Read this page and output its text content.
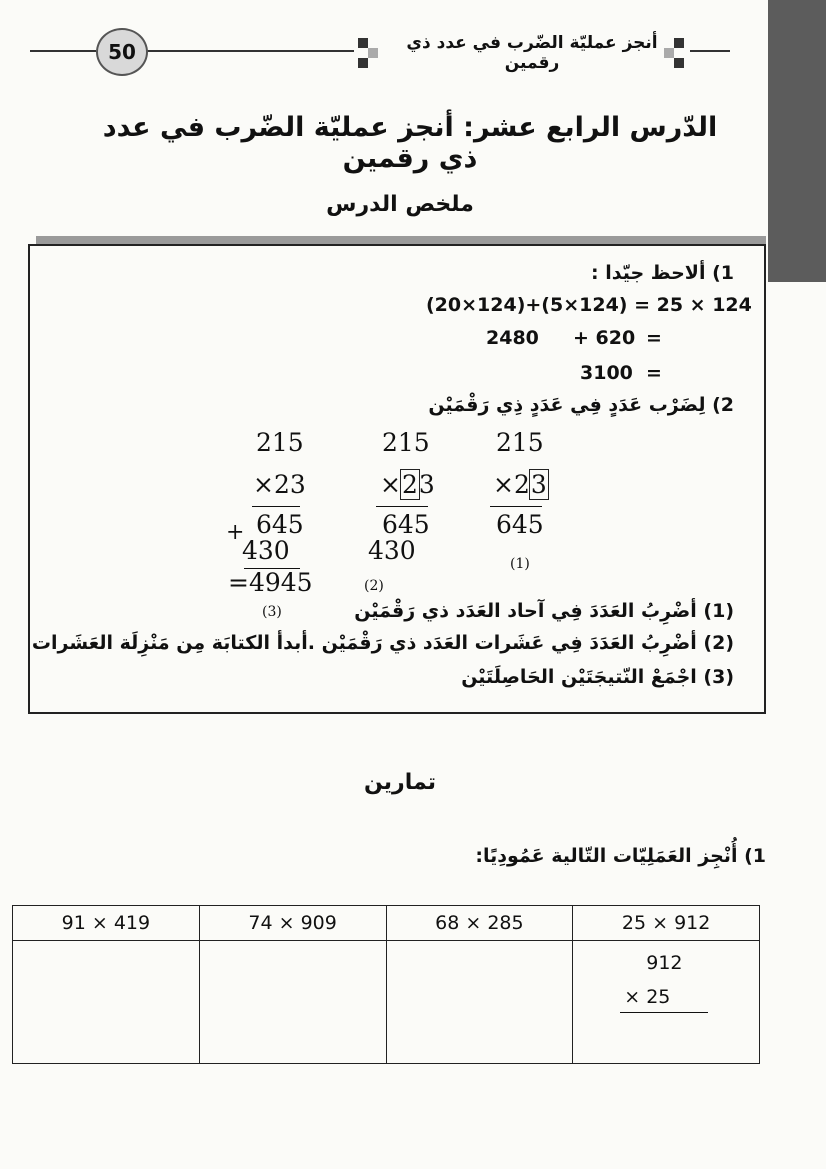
50	أنجز عمليّة الضّرب في عدد ذي رقمين
الدّرس الرابع عشر: أنجز عمليّة الضّرب في عدد ذي رقمين
ملخص الدرس
1) ألاحظ جيّدا :
(20×124)+(5×124) = 25 × 124
2480 + 620 =
3100 =
2) لِضَرْب عَدَدٍ فِي عَدَدٍ ذِي رَقْمَيْن
215
×23
645
(1)
215
×23
645
430
(2)
215
×23
645
+
430
=4945
(3)	(1) أضْرِبُ العَدَدَ فِي آحاد العَدَد ذي رَقْمَيْن
(2) أضْرِبُ العَدَدَ فِي عَشَرات العَدَد ذي رَقْمَيْن .أبدأ الكتابَة مِن مَنْزِلَة العَشَرات
(3) اجْمَعْ النّتيجَتَيْن الحَاصِلَتَيْن
تمارين
1) أُنْجِز العَمَلِيّات التّالية عَمُودِيًا:
91 × 419	74 × 909	68 × 285	25 × 912

			912
× 25
